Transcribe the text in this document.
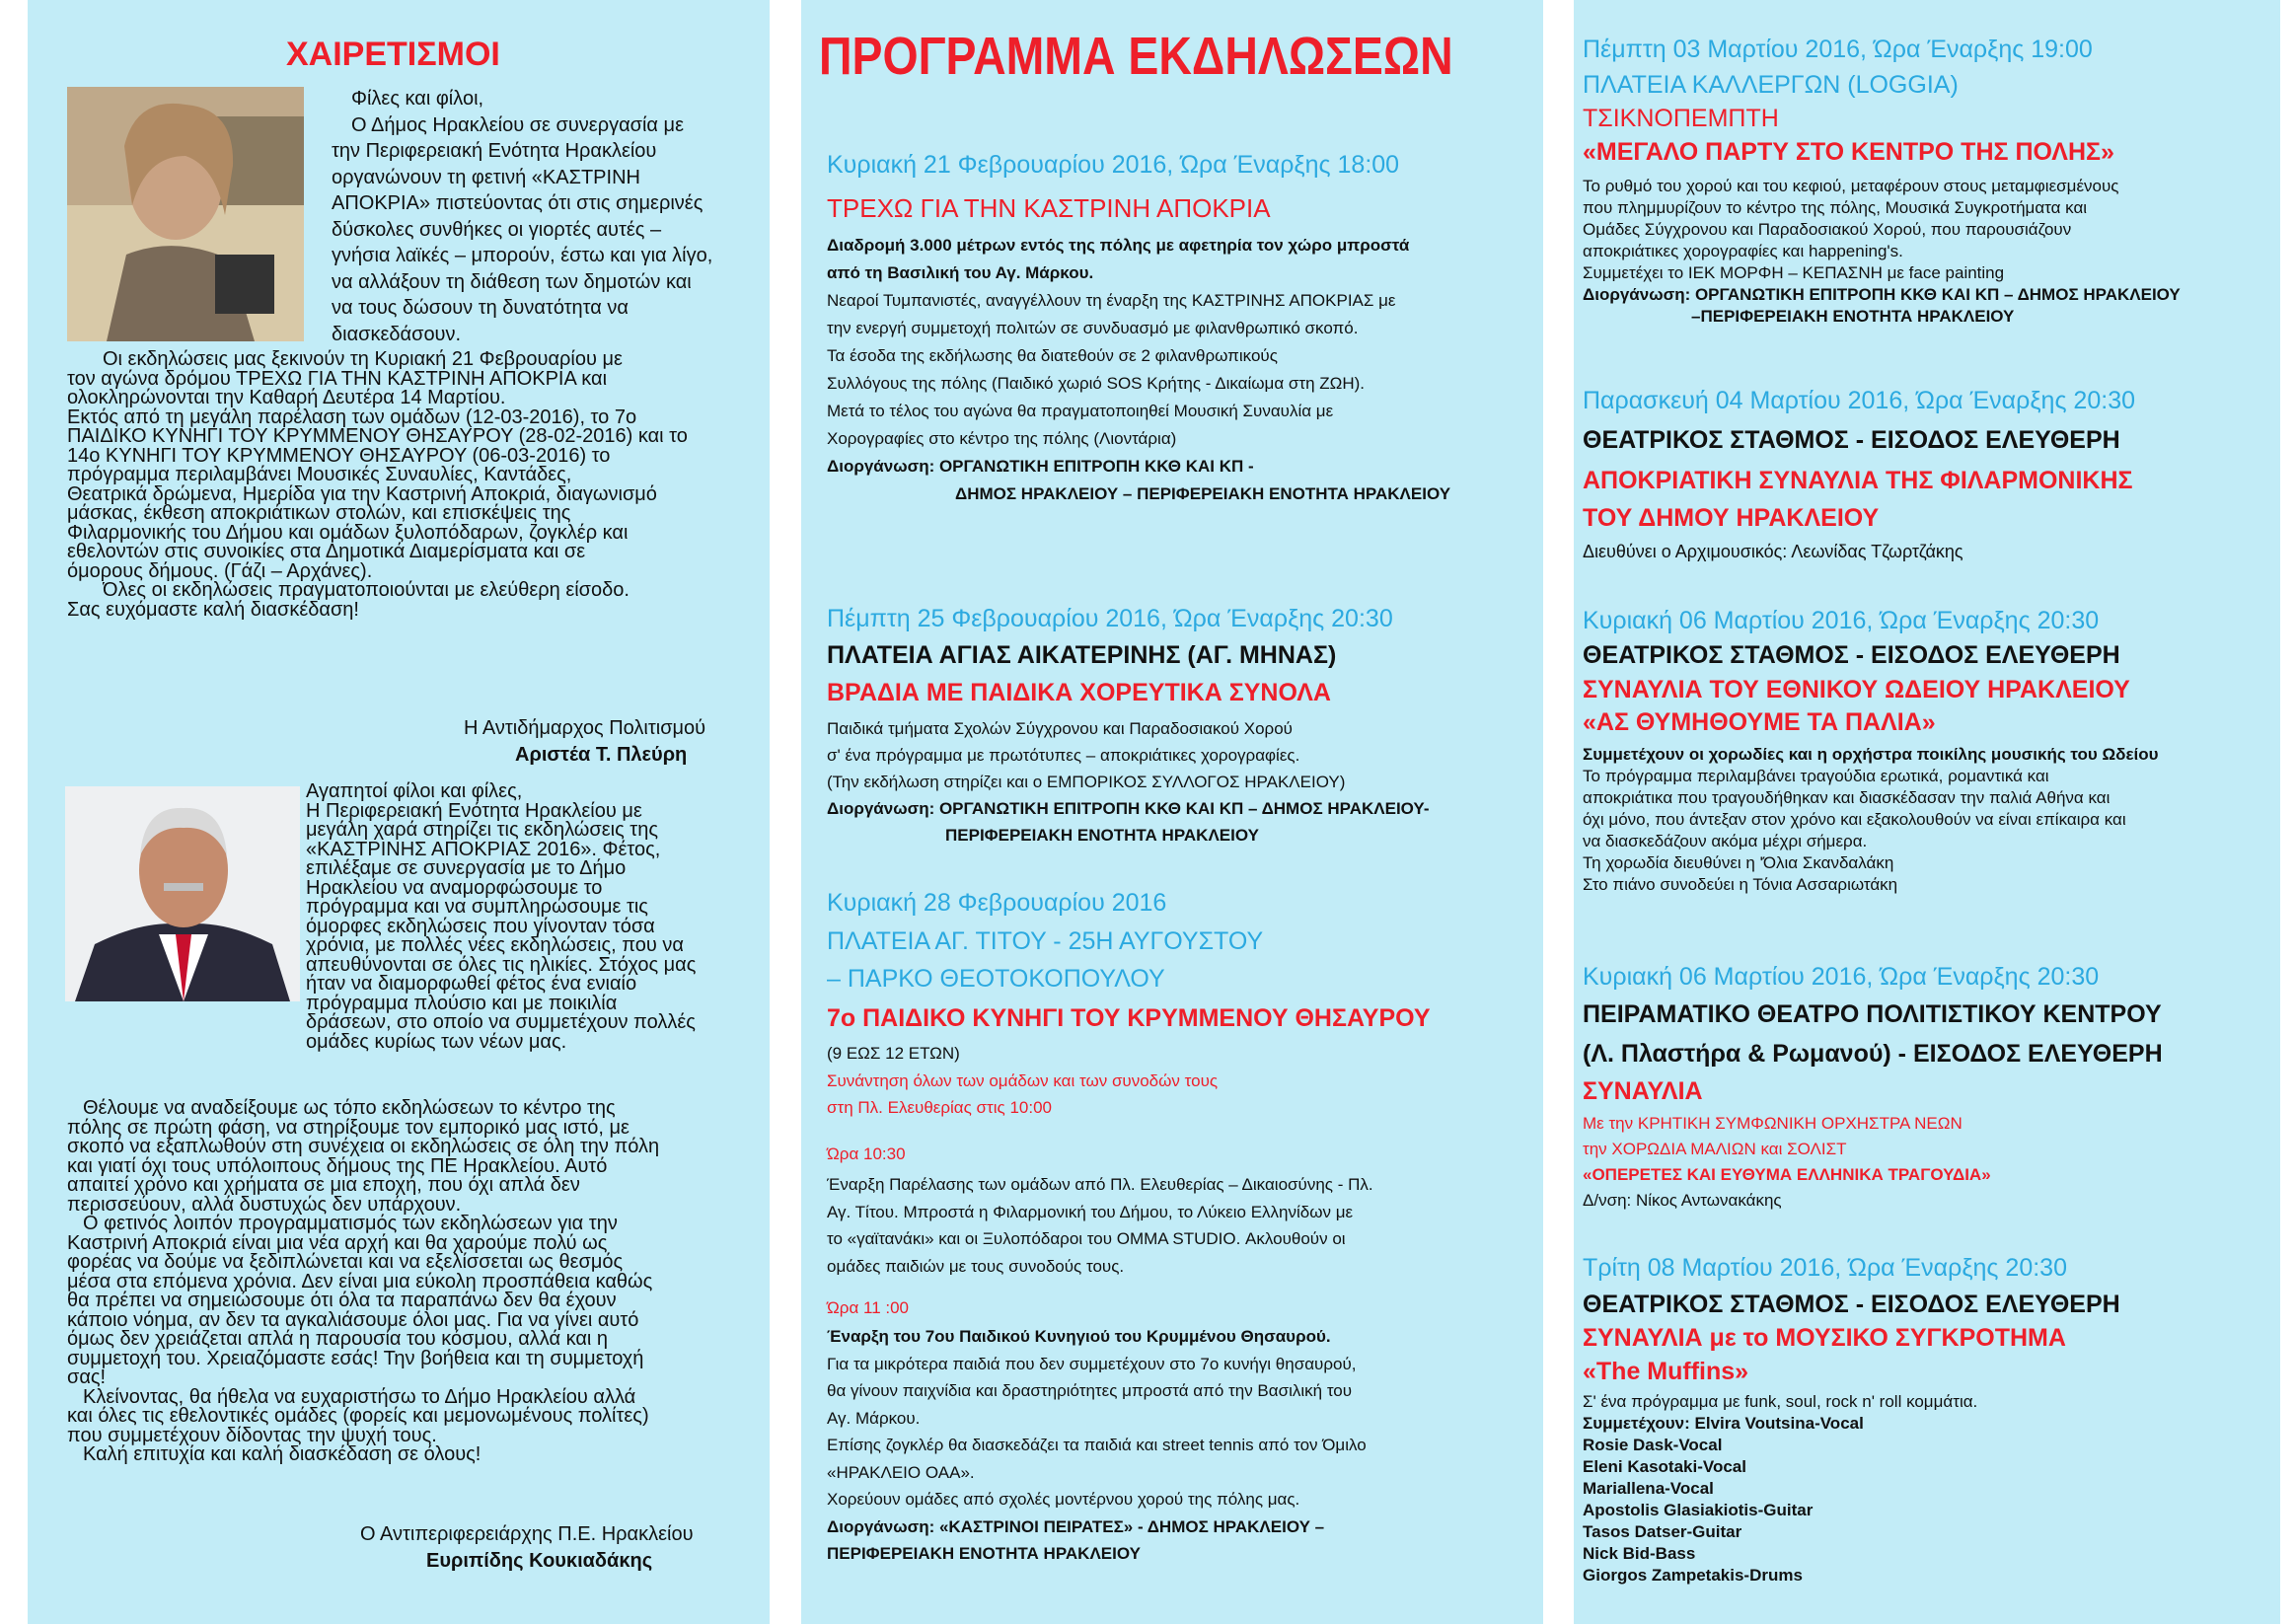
ΧΑΙΡΕΤΙΣΜΟΙ
Φίλες και φίλοι,
Ο Δήμος Ηρακλείου σε συνεργασία με
την Περιφερειακή Ενότητα Ηρακλείου
οργανώνουν τη φετινή «ΚΑΣΤΡΙΝΗ
ΑΠΟΚΡΙΑ» πιστεύοντας ότι στις σημερινές
δύσκολες συνθήκες οι γιορτές αυτές –
γνήσια λαϊκές – μπορούν, έστω και για λίγο,
να αλλάξουν τη διάθεση των δημοτών και
να τους δώσουν τη δυνατότητα να
διασκεδάσουν.
Οι εκδηλώσεις μας ξεκινούν τη Κυριακή 21 Φεβρουαρίου με
τον αγώνα δρόμου ΤΡΕΧΩ ΓΙΑ ΤΗΝ ΚΑΣΤΡΙΝΗ ΑΠΟΚΡΙΑ και
ολοκληρώνονται την Καθαρή Δευτέρα 14 Μαρτίου.
Εκτός από τη μεγάλη παρέλαση των ομάδων (12-03-2016), το 7ο
ΠΑΙΔΙΚΟ ΚΥΝΗΓΙ ΤΟΥ ΚΡΥΜΜΕΝΟΥ ΘΗΣΑΥΡΟΥ (28-02-2016) και το
14ο ΚΥΝΗΓΙ ΤΟΥ ΚΡΥΜΜΕΝΟΥ ΘΗΣΑΥΡΟΥ (06-03-2016) το
πρόγραμμα περιλαμβάνει Μουσικές Συναυλίες, Καντάδες,
Θεατρικά δρώμενα, Ημερίδα για την Καστρινή Αποκριά, διαγωνισμό
μάσκας, έκθεση αποκριάτικων στολών, και επισκέψεις της
Φιλαρμονικής του Δήμου και ομάδων ξυλοπόδαρων, ζογκλέρ και
εθελοντών στις συνοικίες στα Δημοτικά Διαμερίσματα και σε
όμορους δήμους. (Γάζι – Αρχάνες).
Όλες οι εκδηλώσεις πραγματοποιούνται με ελεύθερη είσοδο.
Σας ευχόμαστε καλή διασκέδαση!
Η Αντιδήμαρχος Πολιτισμού
Αριστέα Τ. Πλεύρη
Αγαπητοί φίλοι και φίλες,
Η Περιφερειακή Ενότητα Ηρακλείου με
μεγάλη χαρά στηρίζει τις εκδηλώσεις της
«ΚΑΣΤΡΙΝΗΣ ΑΠΟΚΡΙΑΣ 2016». Φέτος,
επιλέξαμε σε συνεργασία με το Δήμο
Ηρακλείου να αναμορφώσουμε το
πρόγραμμα και να συμπληρώσουμε τις
όμορφες εκδηλώσεις που γίνονταν τόσα
χρόνια, με πολλές νέες εκδηλώσεις, που να
απευθύνονται σε όλες τις ηλικίες. Στόχος μας
ήταν να διαμορφωθεί φέτος ένα ενιαίο
πρόγραμμα πλούσιο και με ποικιλία
δράσεων, στο οποίο να συμμετέχουν πολλές
ομάδες κυρίως των νέων μας.
Θέλουμε να αναδείξουμε ως τόπο εκδηλώσεων το κέντρο της
πόλης σε πρώτη φάση, να στηρίξουμε τον εμπορικό μας ιστό, με
σκοπό να εξαπλωθούν στη συνέχεια οι εκδηλώσεις σε όλη την πόλη
και γιατί όχι τους υπόλοιπους δήμους της ΠΕ Ηρακλείου. Αυτό
απαιτεί χρόνο και χρήματα σε μια εποχή, που όχι απλά δεν
περισσεύουν, αλλά δυστυχώς δεν υπάρχουν.
Ο φετινός λοιπόν προγραμματισμός των εκδηλώσεων για την
Καστρινή Αποκριά είναι μια νέα αρχή και θα χαρούμε πολύ ως
φορέας να δούμε να ξεδιπλώνεται και να εξελίσσεται ως θεσμός
μέσα στα επόμενα χρόνια. Δεν είναι μια εύκολη προσπάθεια καθώς
θα πρέπει να σημειώσουμε ότι όλα τα παραπάνω δεν θα έχουν
κάποιο νόημα, αν δεν τα αγκαλιάσουμε όλοι μας. Για να γίνει αυτό
όμως δεν χρειάζεται απλά η παρουσία του κόσμου, αλλά και η
συμμετοχή του. Χρειαζόμαστε εσάς! Την βοήθεια και τη συμμετοχή
σας!
Κλείνοντας, θα ήθελα να ευχαριστήσω το Δήμο Ηρακλείου αλλά
και όλες τις εθελοντικές ομάδες (φορείς και μεμονωμένους πολίτες)
που συμμετέχουν δίδοντας την ψυχή τους.
Καλή επιτυχία και καλή διασκέδαση σε όλους!
Ο Αντιπεριφερειάρχης Π.Ε. Ηρακλείου
Ευριπίδης Κουκιαδάκης
ΠΡΟΓΡΑΜΜΑ ΕΚΔΗΛΩΣΕΩΝ
Κυριακή 21 Φεβρουαρίου 2016, Ώρα Έναρξης 18:00
ΤΡΕΧΩ ΓΙΑ ΤΗΝ ΚΑΣΤΡΙΝΗ ΑΠΟΚΡΙΑ
Διαδρομή 3.000 μέτρων εντός της πόλης με αφετηρία τον χώρο μπροστά
από τη Βασιλική του Αγ. Μάρκου.
Νεαροί Τυμπανιστές, αναγγέλλουν τη έναρξη της ΚΑΣΤΡΙΝΗΣ ΑΠΟΚΡΙΑΣ με
την ενεργή συμμετοχή πολιτών σε συνδυασμό με φιλανθρωπικό σκοπό.
Τα έσοδα της εκδήλωσης θα διατεθούν σε 2 φιλανθρωπικούς
Συλλόγους της πόλης (Παιδικό χωριό SOS Κρήτης - Δικαίωμα στη ΖΩΗ).
Μετά το τέλος του αγώνα θα πραγματοποιηθεί Μουσική Συναυλία με
Χορογραφίες στο κέντρο της πόλης (Λιοντάρια)
Διοργάνωση: ΟΡΓΑΝΩΤΙΚΗ ΕΠΙΤΡΟΠΗ ΚΚΘ ΚΑΙ ΚΠ -
ΔΗΜΟΣ ΗΡΑΚΛΕΙΟΥ – ΠΕΡΙΦΕΡΕΙΑΚΗ ΕΝΟΤΗΤΑ ΗΡΑΚΛΕΙΟΥ
Πέμπτη 25 Φεβρουαρίου 2016, Ώρα Έναρξης 20:30
ΠΛΑΤΕΙΑ ΑΓΙΑΣ ΑΙΚΑΤΕΡΙΝΗΣ (ΑΓ. ΜΗΝΑΣ)
ΒΡΑΔΙΑ ΜΕ ΠΑΙΔΙΚΑ ΧΟΡΕΥΤΙΚΑ ΣΥΝΟΛΑ
Παιδικά τμήματα Σχολών Σύγχρονου και Παραδοσιακού Χορού
σ' ένα πρόγραμμα με πρωτότυπες – αποκριάτικες χορογραφίες.
(Την εκδήλωση στηρίζει και ο ΕΜΠΟΡΙΚΟΣ ΣΥΛΛΟΓΟΣ ΗΡΑΚΛΕΙΟΥ)
Διοργάνωση: ΟΡΓΑΝΩΤΙΚΗ ΕΠΙΤΡΟΠΗ ΚΚΘ ΚΑΙ ΚΠ – ΔΗΜΟΣ ΗΡΑΚΛΕΙΟΥ-
ΠΕΡΙΦΕΡΕΙΑΚΗ ΕΝΟΤΗΤΑ ΗΡΑΚΛΕΙΟΥ
Κυριακή 28 Φεβρουαρίου 2016
ΠΛΑΤΕΙΑ ΑΓ. ΤΙΤΟΥ - 25Η ΑΥΓΟΥΣΤΟΥ
– ΠΑΡΚΟ ΘΕΟΤΟΚΟΠΟΥΛΟΥ
7ο ΠΑΙΔΙΚΟ ΚΥΝΗΓΙ ΤΟΥ ΚΡΥΜΜΕΝΟΥ ΘΗΣΑΥΡΟΥ
(9 ΕΩΣ 12 ΕΤΩΝ)
Συνάντηση όλων των ομάδων και των συνοδών τους
στη Πλ. Ελευθερίας στις 10:00
Ώρα 10:30
Έναρξη Παρέλασης των ομάδων από Πλ. Ελευθερίας – Δικαιοσύνης - Πλ.
Αγ. Τίτου. Μπροστά η Φιλαρμονική του Δήμου, το Λύκειο Ελληνίδων με
το «γαϊτανάκι» και οι Ξυλοπόδαροι του OMMA STUDIO. Ακλουθούν οι
ομάδες παιδιών με τους συνοδούς τους.
Ώρα 11 :00
Έναρξη του 7ου Παιδικού Κυνηγιού του Κρυμμένου Θησαυρού.
Για τα μικρότερα παιδιά που δεν συμμετέχουν στο 7ο κυνήγι θησαυρού,
θα γίνουν παιχνίδια και δραστηριότητες μπροστά από την Βασιλική του
Αγ. Μάρκου.
Επίσης ζογκλέρ θα διασκεδάζει τα παιδιά και street tennis από τον Όμιλο
«ΗΡΑΚΛΕΙΟ ΟΑΑ».
Χορεύουν ομάδες από σχολές μοντέρνου χορού της πόλης μας.
Διοργάνωση: «ΚΑΣΤΡΙΝΟΙ ΠΕΙΡΑΤΕΣ» - ΔΗΜΟΣ ΗΡΑΚΛΕΙΟΥ –
ΠΕΡΙΦΕΡΕΙΑΚΗ ΕΝΟΤΗΤΑ ΗΡΑΚΛΕΙΟΥ
Πέμπτη 03 Μαρτίου 2016, Ώρα Έναρξης 19:00
ΠΛΑΤΕΙΑ ΚΑΛΛΕΡΓΩΝ (LOGGIA)
ΤΣΙΚΝΟΠΕΜΠΤΗ
«ΜΕΓΑΛΟ ΠΑΡΤΥ ΣΤΟ ΚΕΝΤΡΟ ΤΗΣ ΠΟΛΗΣ»
Το ρυθμό του χορού και του κεφιού, μεταφέρουν στους μεταμφιεσμένους
που πλημμυρίζουν το κέντρο της πόλης, Μουσικά Συγκροτήματα και
Ομάδες Σύγχρονου και Παραδοσιακού Χορού, που παρουσιάζουν
αποκριάτικες χορογραφίες και happening's.
Συμμετέχει το ΙΕΚ ΜΟΡΦΗ – ΚΕΠΑΣΝΗ με face painting
Διοργάνωση: ΟΡΓΑΝΩΤΙΚΗ ΕΠΙΤΡΟΠΗ ΚΚΘ ΚΑΙ ΚΠ – ΔΗΜΟΣ ΗΡΑΚΛΕΙΟΥ
–ΠΕΡΙΦΕΡΕΙΑΚΗ ΕΝΟΤΗΤΑ ΗΡΑΚΛΕΙΟΥ
Παρασκευή 04 Μαρτίου 2016, Ώρα Έναρξης 20:30
ΘΕΑΤΡΙΚΟΣ ΣΤΑΘΜΟΣ - ΕΙΣΟΔΟΣ ΕΛΕΥΘΕΡΗ
ΑΠΟΚΡΙΑΤΙΚΗ ΣΥΝΑΥΛΙΑ ΤΗΣ ΦΙΛΑΡΜΟΝΙΚΗΣ
ΤΟΥ ΔΗΜΟΥ ΗΡΑΚΛΕΙΟΥ
Διευθύνει ο Αρχιμουσικός: Λεωνίδας Τζωρτζάκης
Κυριακή 06 Μαρτίου 2016, Ώρα Έναρξης 20:30
ΘΕΑΤΡΙΚΟΣ ΣΤΑΘΜΟΣ - ΕΙΣΟΔΟΣ ΕΛΕΥΘΕΡΗ
ΣΥΝΑΥΛΙΑ ΤΟΥ ΕΘΝΙΚΟΥ ΩΔΕΙΟΥ ΗΡΑΚΛΕΙΟΥ
«ΑΣ ΘΥΜΗΘΟΥΜΕ ΤΑ ΠΑΛΙΑ»
Συμμετέχουν οι χορωδίες και η ορχήστρα ποικίλης μουσικής του Ωδείου
Το πρόγραμμα περιλαμβάνει τραγούδια ερωτικά, ρομαντικά και
αποκριάτικα που τραγουδήθηκαν και διασκέδασαν την παλιά Αθήνα και
όχι μόνο, που άντεξαν στον χρόνο και εξακολουθούν να είναι επίκαιρα και
να διασκεδάζουν ακόμα μέχρι σήμερα.
Τη χορωδία διευθύνει η 'Όλια Σκανδαλάκη
Στο πιάνο συνοδεύει η Τόνια Ασσαριωτάκη
Κυριακή 06 Μαρτίου 2016, Ώρα Έναρξης 20:30
ΠΕΙΡΑΜΑΤΙΚΟ ΘΕΑΤΡΟ ΠΟΛΙΤΙΣΤΙΚΟΥ ΚΕΝΤΡΟΥ
(Λ. Πλαστήρα & Ρωμανού) - ΕΙΣΟΔΟΣ ΕΛΕΥΘΕΡΗ
ΣΥΝΑΥΛΙΑ
Με την ΚΡΗΤΙΚΗ ΣΥΜΦΩΝΙΚΗ ΟΡΧΗΣΤΡΑ ΝΕΩΝ
την ΧΟΡΩΔΙΑ ΜΑΛΙΩΝ και ΣΟΛΙΣΤ
«ΟΠΕΡΕΤΕΣ ΚΑΙ ΕΥΘΥΜΑ ΕΛΛΗΝΙΚΑ ΤΡΑΓΟΥΔΙΑ»
Δ/νση: Νίκος Αντωνακάκης
Τρίτη 08 Μαρτίου 2016, Ώρα Έναρξης 20:30
ΘΕΑΤΡΙΚΟΣ ΣΤΑΘΜΟΣ - ΕΙΣΟΔΟΣ ΕΛΕΥΘΕΡΗ
ΣΥΝΑΥΛΙΑ με το ΜΟΥΣΙΚΟ ΣΥΓΚΡΟΤΗΜΑ
«The Muffins»
Σ' ένα πρόγραμμα με funk, soul, rock n' roll κομμάτια.
Συμμετέχουν: Elvira Voutsina-Vocal
Rosie Dask-Vocal
Eleni Kasotaki-Vocal
Mariallena-Vocal
Apostolis Glasiakiotis-Guitar
Tasos Datser-Guitar
Nick Bid-Bass
Giorgos Zampetakis-Drums
